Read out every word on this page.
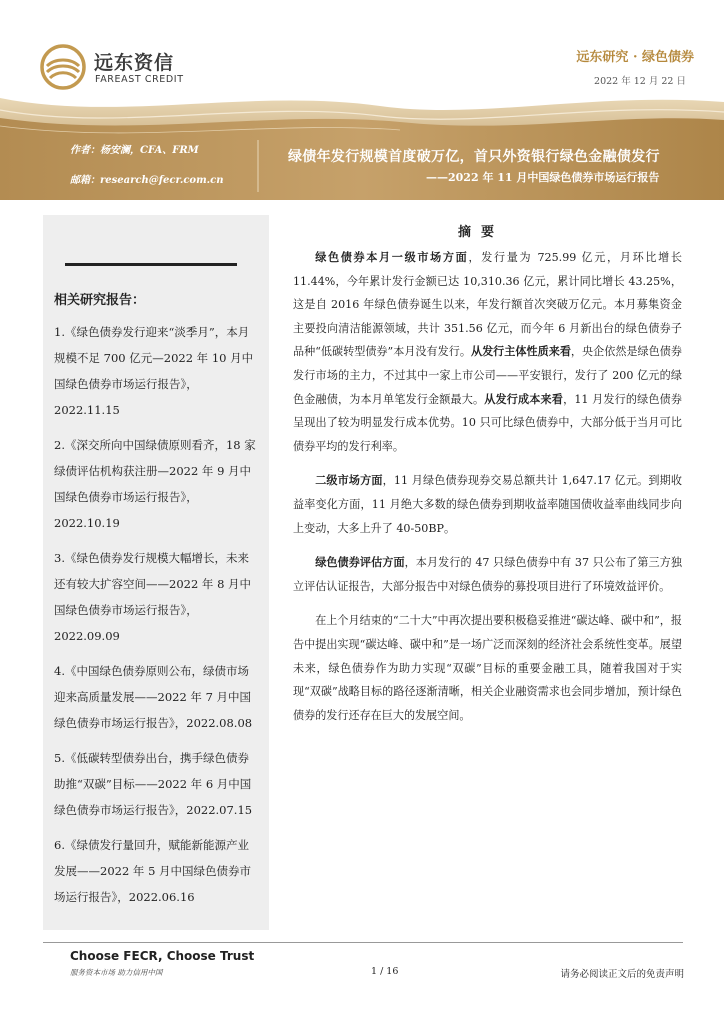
远东资信
FAREAST CREDIT
远东研究 · 绿色债券
2022 年 12 月 22 日
作者：杨安澜，CFA、FRM
邮箱：research@fecr.com.cn
绿债年发行规模首度破万亿，首只外资银行绿色金融债发行
——2022 年 11 月中国绿色债券市场运行报告
相关研究报告：
1.《绿色债券发行迎来“淡季月”，本月规模不足 700 亿元—2022 年 10 月中国绿色债券市场运行报告》，2022.11.15
2.《深交所向中国绿债原则看齐，18 家绿债评估机构获注册—2022 年 9 月中国绿色债券市场运行报告》，2022.10.19
3.《绿色债券发行规模大幅增长，未来还有较大扩容空间——2022 年 8 月中国绿色债券市场运行报告》，2022.09.09
4.《中国绿色债券原则公布，绿债市场迎来高质量发展——2022 年 7 月中国绿色债券市场运行报告》，2022.08.08
5.《低碳转型债券出台，携手绿色债券助推“双碳”目标——2022 年 6 月中国绿色债券市场运行报告》，2022.07.15
6.《绿债发行量回升，赋能新能源产业发展——2022 年 5 月中国绿色债券市场运行报告》，2022.06.16
摘要

绿色债券本月一级市场方面，发行量为 725.99 亿元，月环比增长 11.44%，今年累计发行金额已达 10,310.36 亿元，累计同比增长 43.25%，这是自 2016 年绿色债券诞生以来，年发行额首次突破万亿元。本月募集资金主要投向清洁能源领域，共计 351.56 亿元，而今年 6 月新出台的绿色债券子品种“低碳转型债券”本月没有发行。从发行主体性质来看，央企依然是绿色债券发行市场的主力，不过其中一家上市公司——平安银行，发行了 200 亿元的绿色金融债，为本月单笔发行金额最大。从发行成本来看，11 月发行的绿色债券呈现出了较为明显发行成本优势。10 只可比绿色债券中，大部分低于当月可比债券平均的发行利率。

二级市场方面，11 月绿色债券现券交易总额共计 1,647.17 亿元。到期收益率变化方面，11 月绝大多数的绿色债券到期收益率随国债收益率曲线同步向上变动，大多上升了 40-50BP。

绿色债券评估方面，本月发行的 47 只绿色债券中有 37 只公布了第三方独立评估认证报告，大部分报告中对绿色债券的募投项目进行了环境效益评价。

在上个月结束的“二十大”中再次提出要积极稳妥推进“碳达峰、碳中和”，报告中提出实现“碳达峰、碳中和”是一场广泛而深刻的经济社会系统性变革。展望未来，绿色债券作为助力实现“双碳”目标的重要金融工具，随着我国对于实现“双碳”战略目标的路径逐渐清晰，相关企业融资需求也会同步增加，预计绿色债券的发行还存在巨大的发展空间。

Choose FECR, Choose Trust
服务资本市场 助力信用中国	1 / 16	请务必阅读正文后的免责声明
